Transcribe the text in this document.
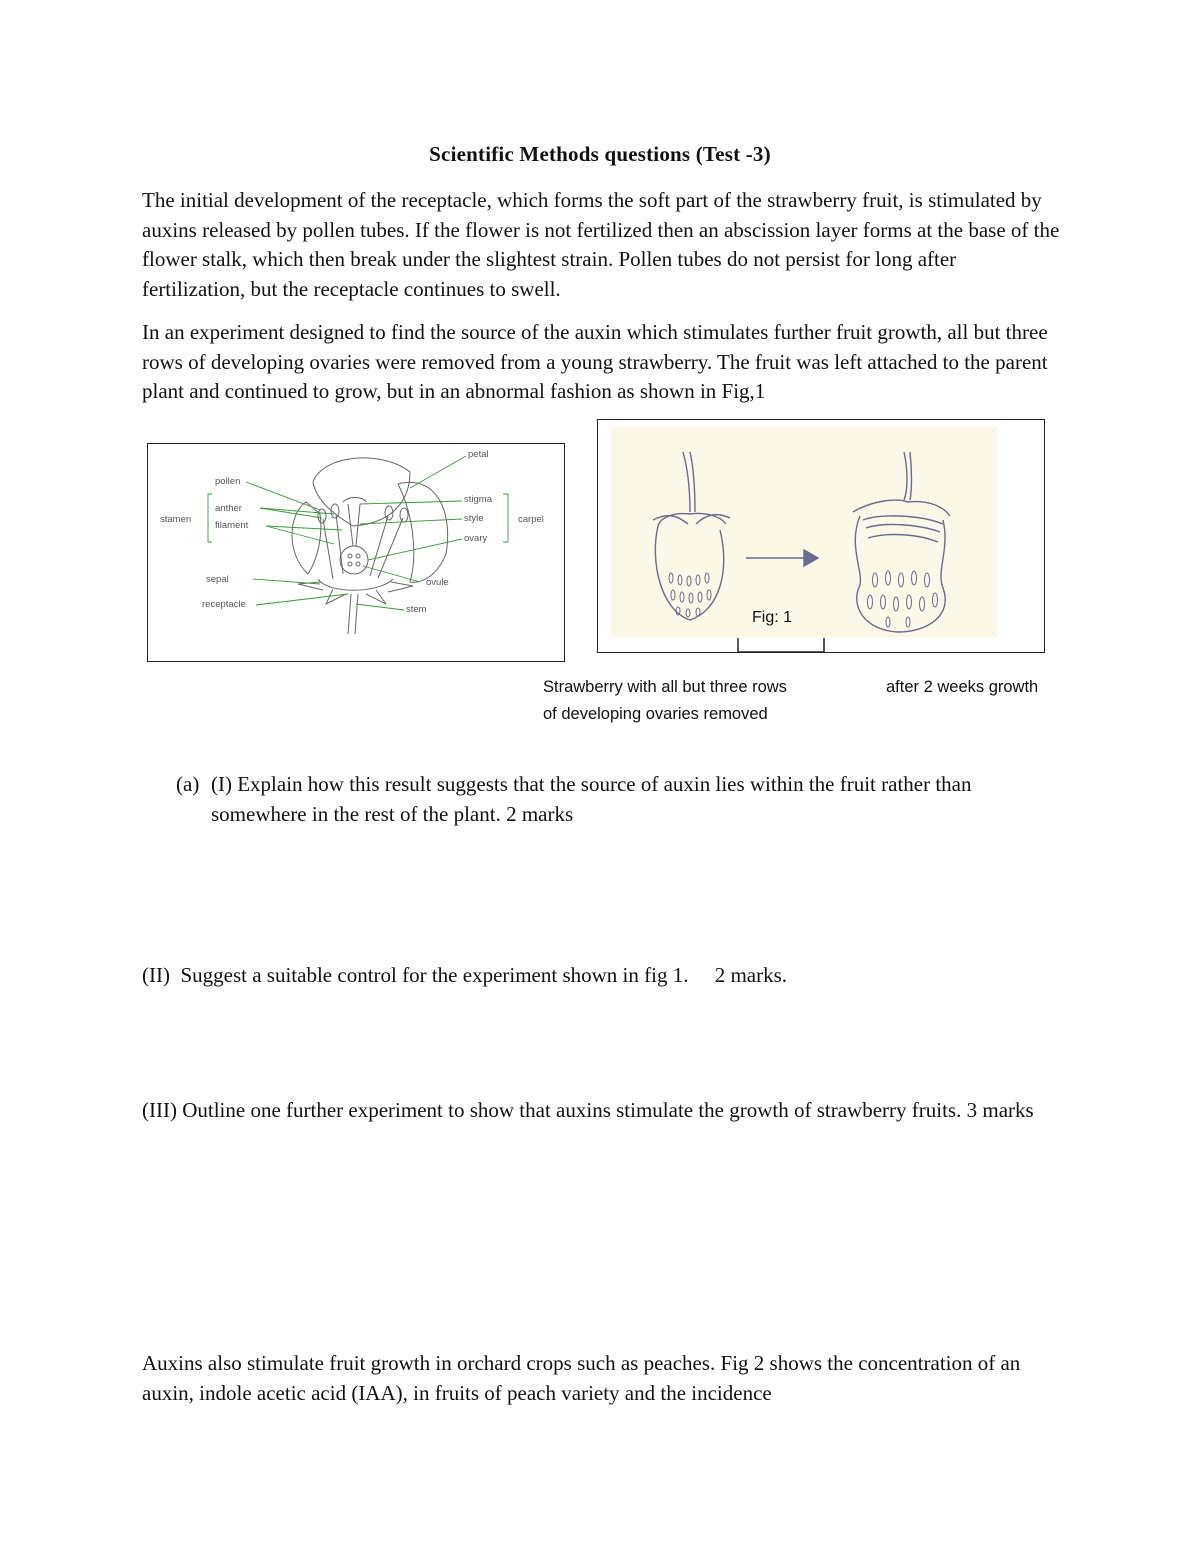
Scientific Methods questions (Test -3)
The initial development of the receptacle, which forms the soft part of the strawberry fruit, is stimulated by auxins released by pollen tubes. If the flower is not fertilized then an abscission layer forms at the base of the flower stalk, which then break under the slightest strain. Pollen tubes do not persist for long after fertilization, but the receptacle continues to swell.
In an experiment designed to find the source of the auxin which stimulates further fruit growth, all but three rows of developing ovaries were removed from a young strawberry. The fruit was left attached to the parent plant and continued to grow, but in an abnormal fashion as shown in Fig,1
pollen
anther
filament
stamen
petal
stigma
style
ovary
carpel
sepal
receptacle
ovule
stem	Fig: 1
Strawberry with all but three rows
of developing ovaries removed
after 2 weeks growth
(a) (I) Explain how this result suggests that the source of auxin lies within the fruit rather than somewhere in the rest of the plant. 2 marks
(II)  Suggest a suitable control for the experiment shown in fig 1.     2 marks.
(III) Outline one further experiment to show that auxins stimulate the growth of strawberry fruits. 3 marks
Auxins also stimulate fruit growth in orchard crops such as peaches. Fig 2 shows the concentration of an auxin, indole acetic acid (IAA), in fruits of peach variety and the incidence
